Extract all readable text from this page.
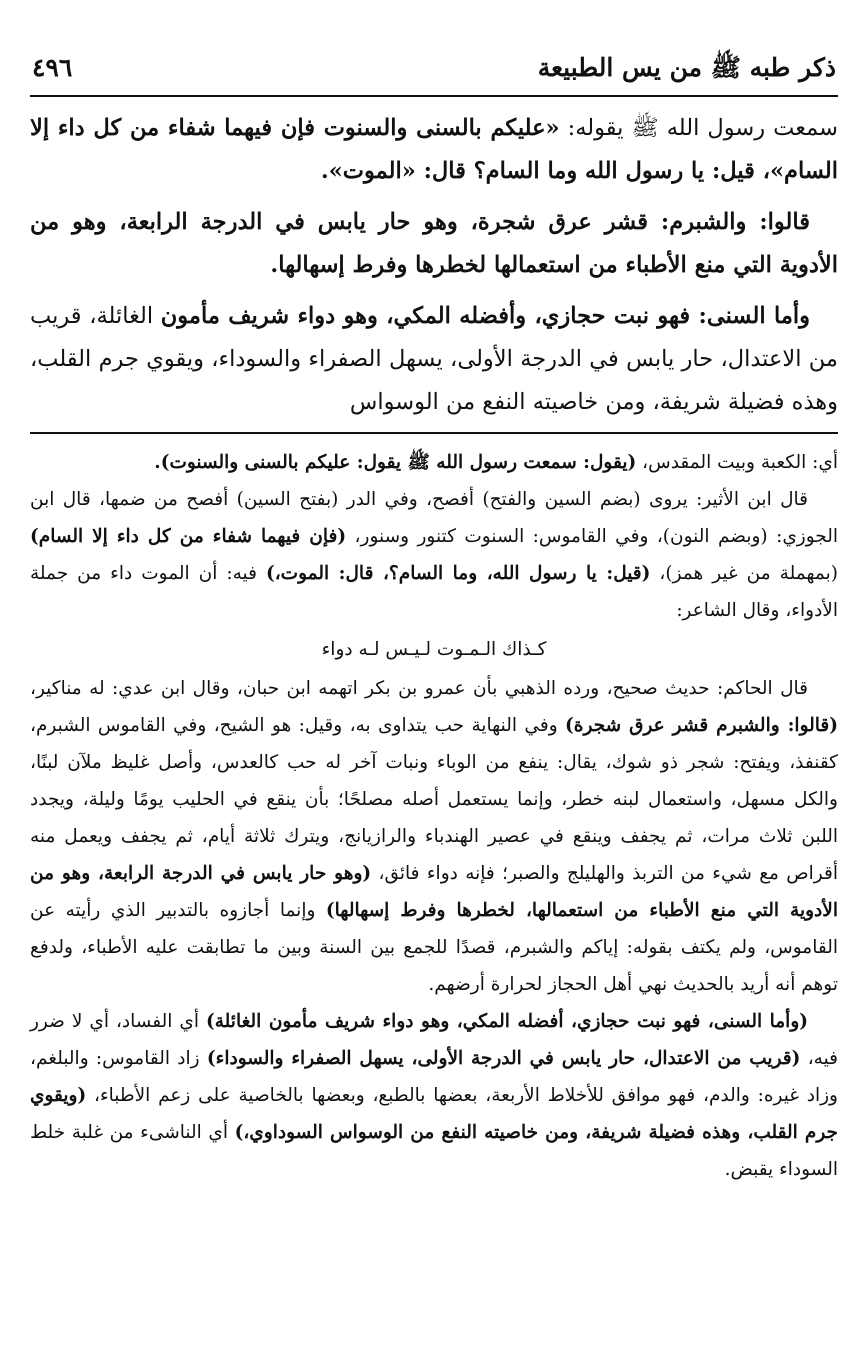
ذكر طبه ﷺ من يس الطبيعة
٤٩٦

سمعت رسول الله ﷺ يقوله: «عليكم بالسنى والسنوت فإن فيهما شفاء من كل داء إلا السام»، قيل: يا رسول الله وما السام؟ قال: «الموت».

قالوا: والشبرم: قشر عرق شجرة، وهو حار يابس في الدرجة الرابعة، وهو من الأدوية التي منع الأطباء من استعمالها لخطرها وفرط إسهالها.

وأما السنى: فهو نبت حجازي، وأفضله المكي، وهو دواء شريف مأمون الغائلة، قريب من الاعتدال، حار يابس في الدرجة الأولى، يسهل الصفراء والسوداء، ويقوي جرم القلب، وهذه فضيلة شريفة، ومن خاصيته النفع من الوسواس

أي: الكعبة وبيت المقدس، (يقول: سمعت رسول الله ﷺ يقول: عليكم بالسنى والسنوت).

قال ابن الأثير: يروى (بضم السين والفتح) أفصح، وفي الدر (بفتح السين) أفصح من ضمها، قال ابن الجوزي: (وبضم النون)، وفي القاموس: السنوت كتنور وسنور، (فإن فيهما شفاء من كل داء إلا السام) (بمهملة من غير همز)، (قيل: يا رسول الله، وما السام؟، قال: الموت،) فيه: أن الموت داء من جملة الأدواء، وقال الشاعر:

كـذاك الـمـوت لـيـس لـه دواء

قال الحاكم: حديث صحيح، ورده الذهبي بأن عمرو بن بكر اتهمه ابن حبان، وقال ابن عدي: له مناكير، (قالوا: والشبرم قشر عرق شجرة) وفي النهاية حب يتداوى به، وقيل: هو الشيح، وفي القاموس الشبرم، كقنفذ، ويفتح: شجر ذو شوك، يقال: ينفع من الوباء ونبات آخر له حب كالعدس، وأصل غليظ ملآن لبنًا، والكل مسهل، واستعمال لبنه خطر، وإنما يستعمل أصله مصلحًا؛ بأن ينقع في الحليب يومًا وليلة، ويجدد اللبن ثلاث مرات، ثم يجفف وينقع في عصير الهندباء والرازيانج، ويترك ثلاثة أيام، ثم يجفف ويعمل منه أقراص مع شيء من التربذ والهليلج والصبر؛ فإنه دواء فائق، (وهو حار يابس في الدرجة الرابعة، وهو من الأدوية التي منع الأطباء من استعمالها، لخطرها وفرط إسهالها) وإنما أجازوه بالتدبير الذي رأيته عن القاموس، ولم يكتف بقوله: إياكم والشبرم، قصدًا للجمع بين السنة وبين ما تطابقت عليه الأطباء، ولدفع توهم أنه أريد بالحديث نهي أهل الحجاز لحرارة أرضهم.

(وأما السنى، فهو نبت حجازي، أفضله المكي، وهو دواء شريف مأمون الغائلة) أي الفساد، أي لا ضرر فيه، (قريب من الاعتدال، حار يابس في الدرجة الأولى، يسهل الصفراء والسوداء) زاد القاموس: والبلغم، وزاد غيره: والدم، فهو موافق للأخلاط الأربعة، بعضها بالطبع، وبعضها بالخاصية على زعم الأطباء، (ويقوي جرم القلب، وهذه فضيلة شريفة، ومن خاصيته النفع من الوسواس السوداوي،) أي الناشىء من غلبة خلط السوداء يقبض.
